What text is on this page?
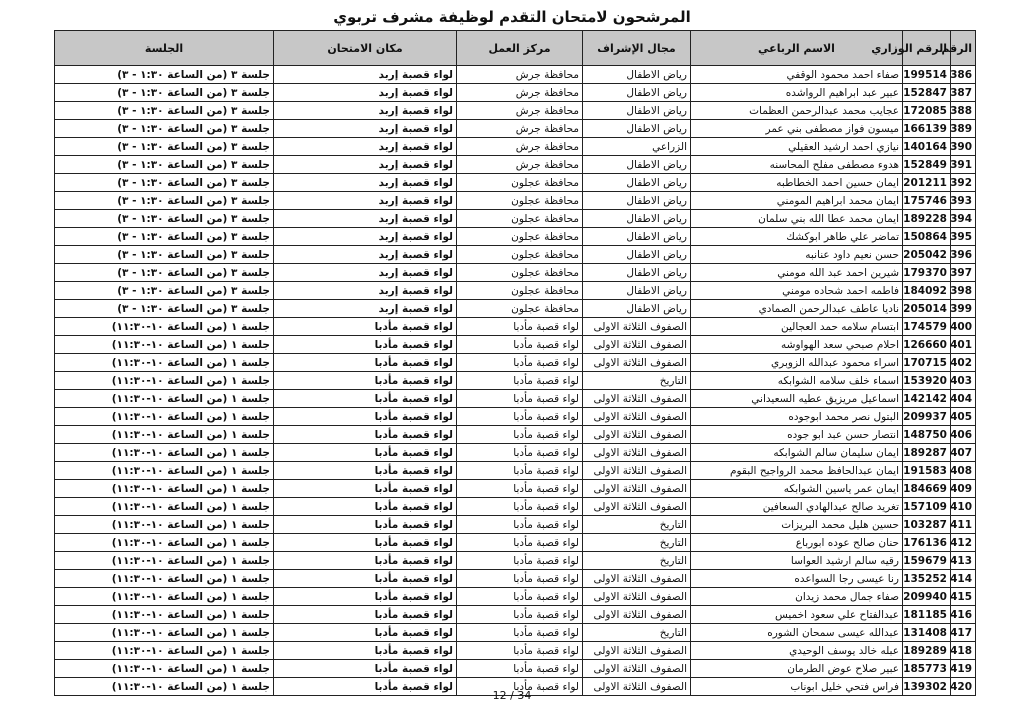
المرشحون لامتحان التقدم لوظيفة مشرف تربوي
الرقم	الرقم الوزاري	الاسم الرباعي	مجال الإشراف	مركز العمل	مكان الامتحان	الجلسة
386	199514	صفاء احمد محمود الوقفي	رياض الاطفال	محافظة جرش	لواء قصبة إربد	جلسة ٣ (من الساعة ١:٣٠ - ٣)
387	152847	عبير عبد ابراهيم الرواشده	رياض الاطفال	محافظة جرش	لواء قصبة إربد	جلسة ٣ (من الساعة ١:٣٠ - ٣)
388	172085	عجايب محمد عبدالرحمن العظمات	رياض الاطفال	محافظة جرش	لواء قصبة إربد	جلسة ٣ (من الساعة ١:٣٠ - ٣)
389	166139	ميسون فواز مصطفى بني عمر	رياض الاطفال	محافظة جرش	لواء قصبة إربد	جلسة ٣ (من الساعة ١:٣٠ - ٣)
390	140164	نيازي احمد ارشيد العقيلي	الزراعي	محافظة جرش	لواء قصبة إربد	جلسة ٣ (من الساعة ١:٣٠ - ٣)
391	152849	هدوء مصطفى مفلح المحاسنه	رياض الاطفال	محافظة جرش	لواء قصبة إربد	جلسة ٣ (من الساعة ١:٣٠ - ٣)
392	201211	ايمان حسين احمد الخطاطبه	رياض الاطفال	محافظة عجلون	لواء قصبة إربد	جلسة ٣ (من الساعة ١:٣٠ - ٣)
393	175746	ايمان محمد ابراهيم المومني	رياض الاطفال	محافظة عجلون	لواء قصبة إربد	جلسة ٣ (من الساعة ١:٣٠ - ٣)
394	189228	ايمان محمد عطا الله بني سلمان	رياض الاطفال	محافظة عجلون	لواء قصبة إربد	جلسة ٣ (من الساعة ١:٣٠ - ٣)
395	150864	تماضر علي طاهر ابوكشك	رياض الاطفال	محافظة عجلون	لواء قصبة إربد	جلسة ٣ (من الساعة ١:٣٠ - ٣)
396	205042	حسن نعيم داود عنانبه	رياض الاطفال	محافظة عجلون	لواء قصبة إربد	جلسة ٣ (من الساعة ١:٣٠ - ٣)
397	179370	شيرين احمد عبد الله مومني	رياض الاطفال	محافظة عجلون	لواء قصبة إربد	جلسة ٣ (من الساعة ١:٣٠ - ٣)
398	184092	فاطمه احمد شحاده مومني	رياض الاطفال	محافظة عجلون	لواء قصبة إربد	جلسة ٣ (من الساعة ١:٣٠ - ٣)
399	205014	ناديا عاطف عبدالرحمن الصمادي	رياض الاطفال	محافظة عجلون	لواء قصبة إربد	جلسة ٣ (من الساعة ١:٣٠ - ٣)
400	174579	ابتسام سلامه حمد العجالين	الصفوف الثلاثة الاولى	لواء قصبة مأدبا	لواء قصبة مأدبا	جلسة ١ (من الساعة ١٠-١١:٣٠)
401	126660	احلام صبحي سعد الهواوشه	الصفوف الثلاثة الاولى	لواء قصبة مأدبا	لواء قصبة مأدبا	جلسة ١ (من الساعة ١٠-١١:٣٠)
402	170715	اسراء محمود عبدالله الزوبري	الصفوف الثلاثة الاولى	لواء قصبة مأدبا	لواء قصبة مأدبا	جلسة ١ (من الساعة ١٠-١١:٣٠)
403	153920	اسماء خلف سلامه الشوابكه	التاريخ	لواء قصبة مأدبا	لواء قصبة مأدبا	جلسة ١ (من الساعة ١٠-١١:٣٠)
404	142142	اسماعيل مريزيق عطيه السعيداني	الصفوف الثلاثة الاولى	لواء قصبة مأدبا	لواء قصبة مأدبا	جلسة ١ (من الساعة ١٠-١١:٣٠)
405	209937	البتول نصر محمد ابوجوده	الصفوف الثلاثة الاولى	لواء قصبة مأدبا	لواء قصبة مأدبا	جلسة ١ (من الساعة ١٠-١١:٣٠)
406	148750	انتصار حسن عبد ابو جوده	الصفوف الثلاثة الاولى	لواء قصبة مأدبا	لواء قصبة مأدبا	جلسة ١ (من الساعة ١٠-١١:٣٠)
407	189287	ايمان سليمان سالم الشوابكه	الصفوف الثلاثة الاولى	لواء قصبة مأدبا	لواء قصبة مأدبا	جلسة ١ (من الساعة ١٠-١١:٣٠)
408	191583	ايمان عبدالحافظ محمد الرواجيح البقوم	الصفوف الثلاثة الاولى	لواء قصبة مأدبا	لواء قصبة مأدبا	جلسة ١ (من الساعة ١٠-١١:٣٠)
409	184669	ايمان عمر ياسين الشوابكه	الصفوف الثلاثة الاولى	لواء قصبة مأدبا	لواء قصبة مأدبا	جلسة ١ (من الساعة ١٠-١١:٣٠)
410	157109	تغريد صالح عبدالهادي السعافين	الصفوف الثلاثة الاولى	لواء قصبة مأدبا	لواء قصبة مأدبا	جلسة ١ (من الساعة ١٠-١١:٣٠)
411	103287	حسين هليل محمد البريزات	التاريخ	لواء قصبة مأدبا	لواء قصبة مأدبا	جلسة ١ (من الساعة ١٠-١١:٣٠)
412	176136	حنان صالح عوده ابورباع	التاريخ	لواء قصبة مأدبا	لواء قصبة مأدبا	جلسة ١ (من الساعة ١٠-١١:٣٠)
413	159679	رقيه سالم ارشيد العواسا	التاريخ	لواء قصبة مأدبا	لواء قصبة مأدبا	جلسة ١ (من الساعة ١٠-١١:٣٠)
414	135252	رنا عيسى رجا السواعده	الصفوف الثلاثة الاولى	لواء قصبة مأدبا	لواء قصبة مأدبا	جلسة ١ (من الساعة ١٠-١١:٣٠)
415	209940	صفاء جمال محمد زيدان	الصفوف الثلاثة الاولى	لواء قصبة مأدبا	لواء قصبة مأدبا	جلسة ١ (من الساعة ١٠-١١:٣٠)
416	181185	عبدالفتاح علي سعود اخميس	الصفوف الثلاثة الاولى	لواء قصبة مأدبا	لواء قصبة مأدبا	جلسة ١ (من الساعة ١٠-١١:٣٠)
417	131408	عبدالله عيسى سمحان الشوره	التاريخ	لواء قصبة مأدبا	لواء قصبة مأدبا	جلسة ١ (من الساعة ١٠-١١:٣٠)
418	189289	عبله خالد يوسف الوحيدي	الصفوف الثلاثة الاولى	لواء قصبة مأدبا	لواء قصبة مأدبا	جلسة ١ (من الساعة ١٠-١١:٣٠)
419	185773	عبير صلاح عوض الطرمان	الصفوف الثلاثة الاولى	لواء قصبة مأدبا	لواء قصبة مأدبا	جلسة ١ (من الساعة ١٠-١١:٣٠)
420	139302	فراس فتحي خليل ابوناب	الصفوف الثلاثة الاولى	لواء قصبة مأدبا	لواء قصبة مأدبا	جلسة ١ (من الساعة ١٠-١١:٣٠)
12 / 34
